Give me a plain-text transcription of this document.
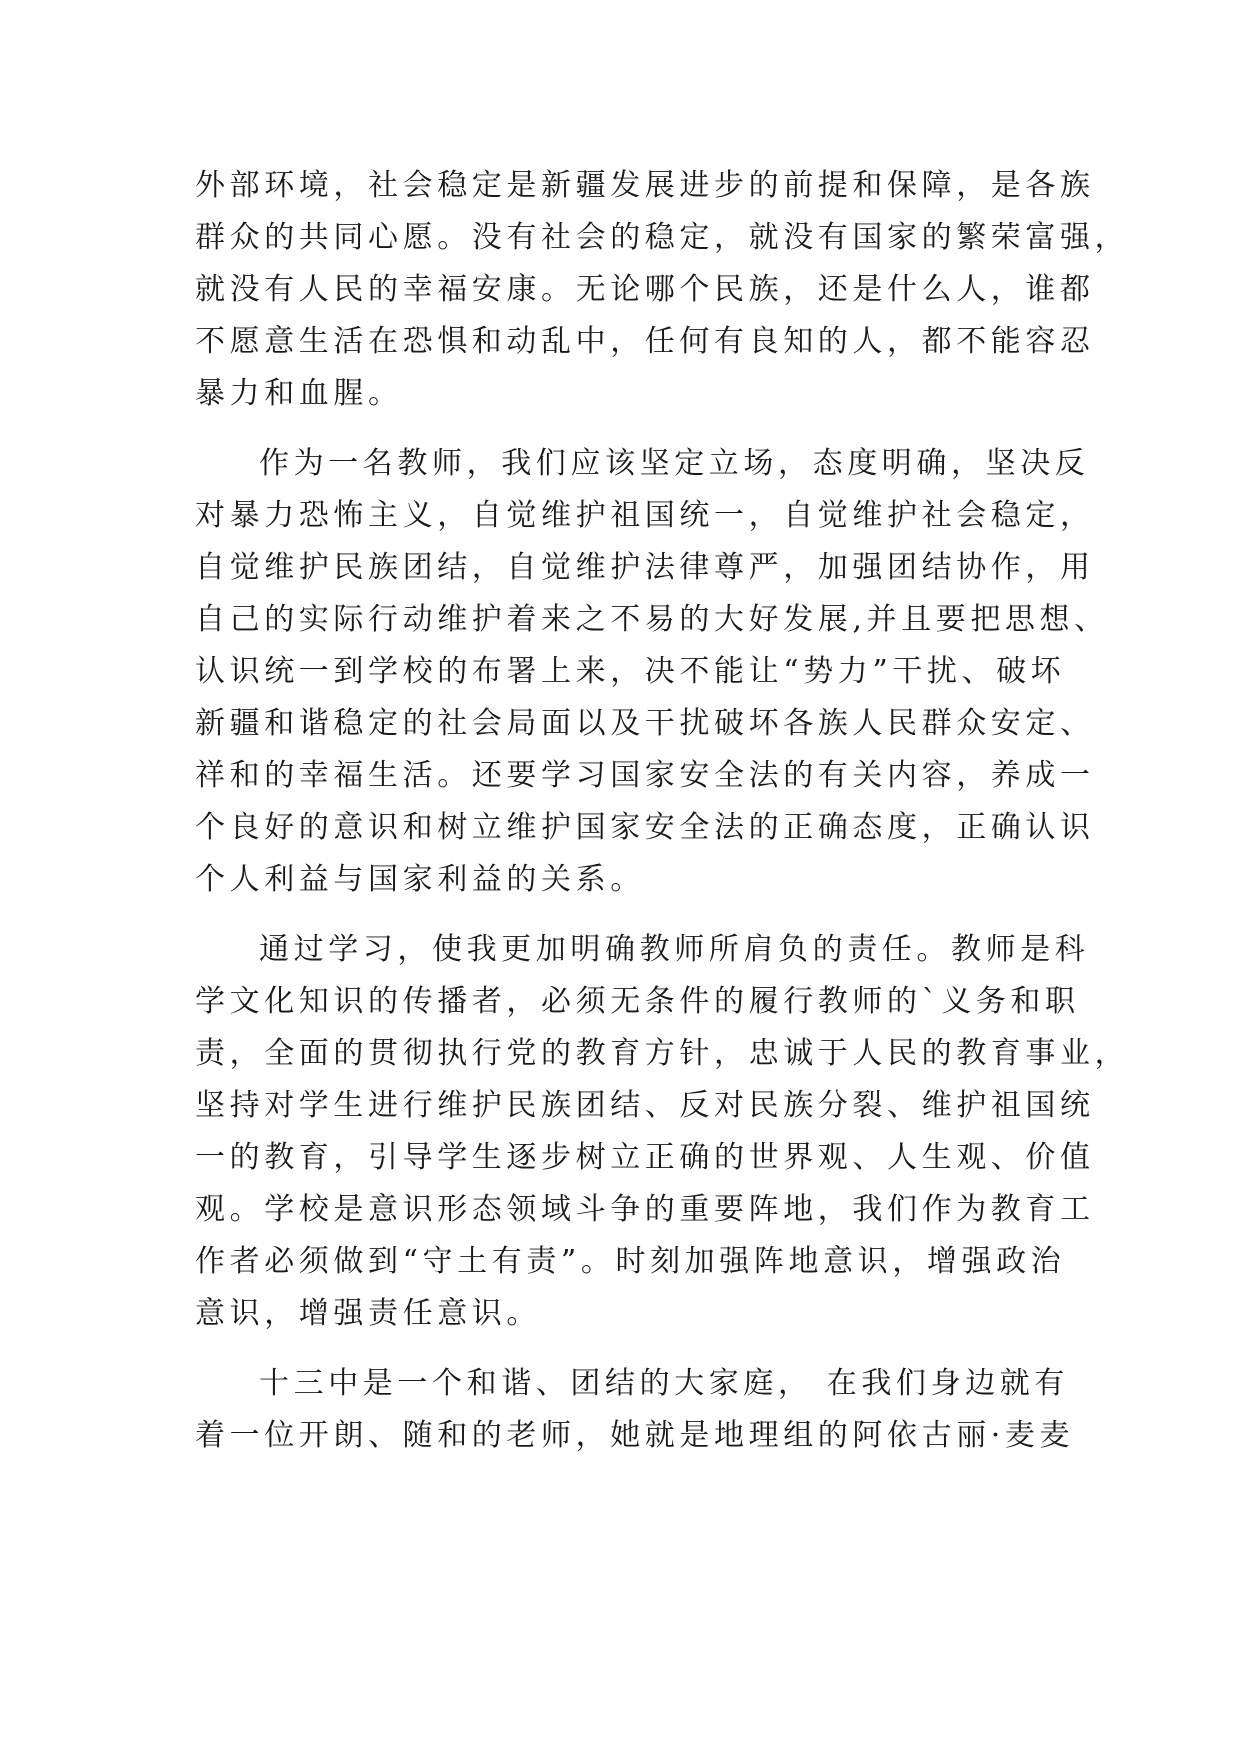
外部环境，社会稳定是新疆发展进步的前提和保障，是各族
群众的共同心愿。没有社会的稳定，就没有国家的繁荣富强，
就没有人民的幸福安康。无论哪个民族，还是什么人，谁都
不愿意生活在恐惧和动乱中，任何有良知的人，都不能容忍
暴力和血腥。
作为一名教师，我们应该坚定立场，态度明确，坚决反
对暴力恐怖主义，自觉维护祖国统一，自觉维护社会稳定，
自觉维护民族团结，自觉维护法律尊严，加强团结协作，用
自己的实际行动维护着来之不易的大好发展,并且要把思想、
认识统一到学校的布署上来，决不能让“势力”干扰、破坏
新疆和谐稳定的社会局面以及干扰破坏各族人民群众安定、
祥和的幸福生活。还要学习国家安全法的有关内容，养成一
个良好的意识和树立维护国家安全法的正确态度，正确认识
个人利益与国家利益的关系。
通过学习，使我更加明确教师所肩负的责任。教师是科
学文化知识的传播者，必须无条件的履行教师的`义务和职
责，全面的贯彻执行党的教育方针，忠诚于人民的教育事业，
坚持对学生进行维护民族团结、反对民族分裂、维护祖国统
一的教育，引导学生逐步树立正确的世界观、人生观、价值
观。学校是意识形态领域斗争的重要阵地，我们作为教育工
作者必须做到“守土有责”。时刻加强阵地意识，增强政治
意识，增强责任意识。
十三中是一个和谐、团结的大家庭， 在我们身边就有
着一位开朗、随和的老师，她就是地理组的阿依古丽·麦麦
